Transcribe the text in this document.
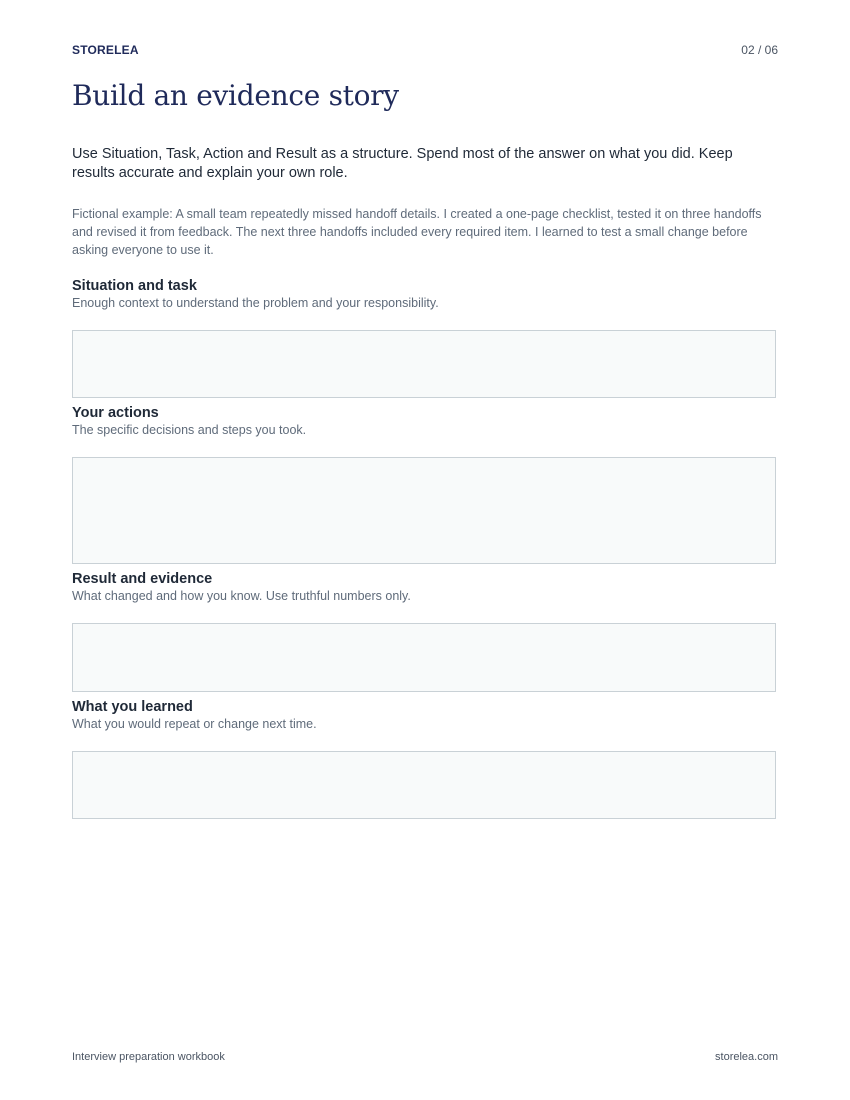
STORELEA	02 / 06
Build an evidence story

Use Situation, Task, Action and Result as a structure. Spend most of the answer on what you did. Keep results accurate and explain your own role.

Fictional example: A small team repeatedly missed handoff details. I created a one-page checklist, tested it on three handoffs and revised it from feedback. The next three handoffs included every required item. I learned to test a small change before asking everyone to use it.

Situation and task

Enough context to understand the problem and your responsibility.

Your actions

The specific decisions and steps you took.

Result and evidence

What changed and how you know. Use truthful numbers only.

What you learned

What you would repeat or change next time.

Interview preparation workbook	storelea.com
